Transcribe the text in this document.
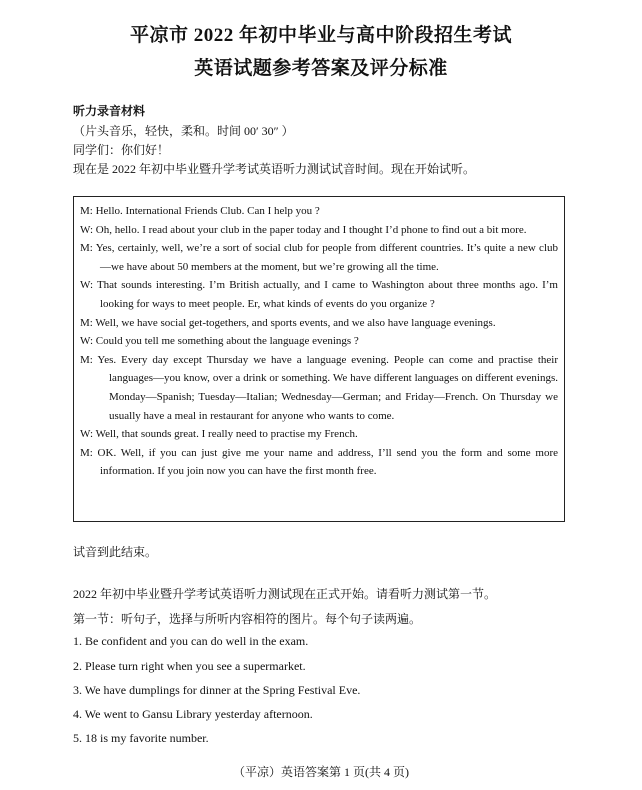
平凉市 2022 年初中毕业与高中阶段招生考试
英语试题参考答案及评分标准
听力录音材料
（片头音乐，轻快，柔和。时间 00′ 30″ ）
同学们：你们好！
现在是 2022 年初中毕业暨升学考试英语听力测试试音时间。现在开始试听。

M: Hello. International Friends Club. Can I help you ?

W: Oh, hello. I read about your club in the paper today and I thought I’d phone to find out a bit more.

M: Yes, certainly, well, we’re a sort of social club for people from different countries. It’s quite a new club—we have about 50 members at the moment, but we’re growing all the time.

W: That sounds interesting. I’m British actually, and I came to Washington about three months ago. I’m looking for ways to meet people. Er, what kinds of events do you organize ?

M: Well, we have social get-togethers, and sports events, and we also have language evenings.

W: Could you tell me something about the language evenings ?

M: Yes. Every day except Thursday we have a language evening. People can come and practise their languages—you know, over a drink or something. We have different languages on different evenings. Monday—Spanish; Tuesday—Italian; Wednesday—German; and Friday—French. On Thursday we usually have a meal in restaurant for anyone who wants to come.

W: Well, that sounds great. I really need to practise my French.

M: OK. Well, if you can just give me your name and address, I’ll send you the form and some more information. If you join now you can have the first month free.

试音到此结束。
2022 年初中毕业暨升学考试英语听力测试现在正式开始。请看听力测试第一节。
第一节：听句子，选择与所听内容相符的图片。每个句子读两遍。
1. Be confident and you can do well in the exam.
2. Please turn right when you see a supermarket.
3. We have dumplings for dinner at the Spring Festival Eve.
4. We went to Gansu Library yesterday afternoon.
5. 18 is my favorite number.
（平凉）英语答案第 1 页(共 4 页)
